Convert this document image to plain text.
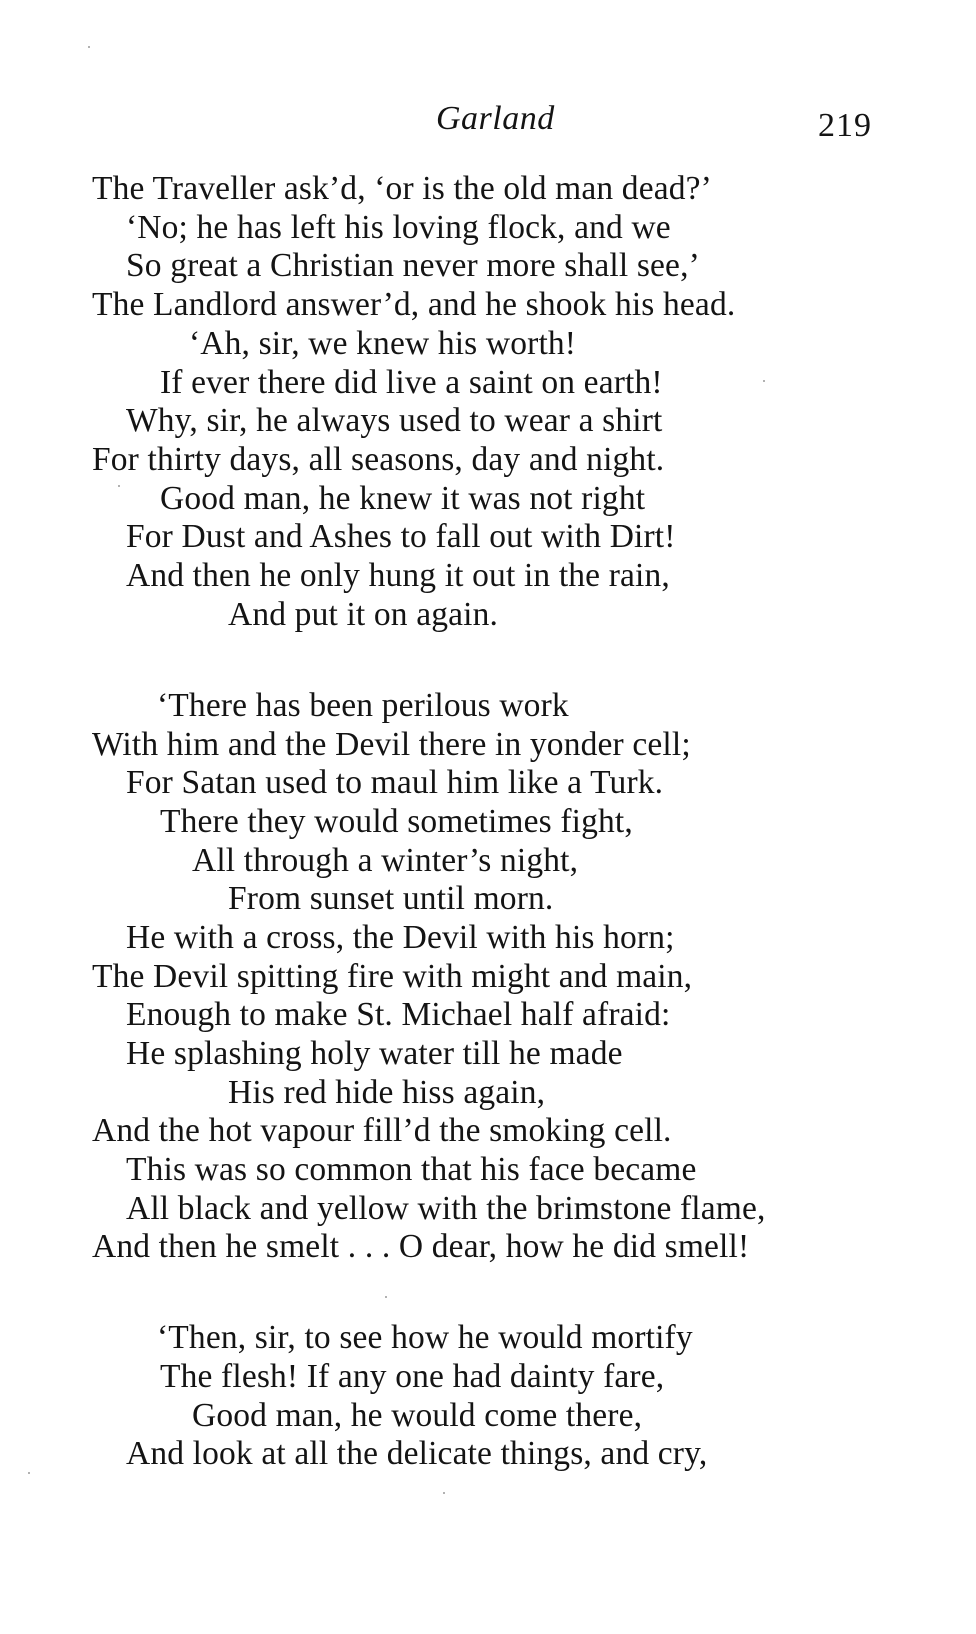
Garland	219
The Traveller ask’d, ‘or is the old man dead?’
‘No; he has left his loving flock, and we
So great a Christian never more shall see,’
The Landlord answer’d, and he shook his head.
‘Ah, sir, we knew his worth!
If ever there did live a saint on earth!
Why, sir, he always used to wear a shirt
For thirty days, all seasons, day and night.
Good man, he knew it was not right
For Dust and Ashes to fall out with Dirt!
And then he only hung it out in the rain,
And put it on again.
‘There has been perilous work
With him and the Devil there in yonder cell;
For Satan used to maul him like a Turk.
There they would sometimes fight,
All through a winter’s night,
From sunset until morn.
He with a cross, the Devil with his horn;
The Devil spitting fire with might and main,
Enough to make St. Michael half afraid:
He splashing holy water till he made
His red hide hiss again,
And the hot vapour fill’d the smoking cell.
This was so common that his face became
All black and yellow with the brimstone flame,
And then he smelt . . . O dear, how he did smell!
‘Then, sir, to see how he would mortify
The flesh! If any one had dainty fare,
Good man, he would come there,
And look at all the delicate things, and cry,
